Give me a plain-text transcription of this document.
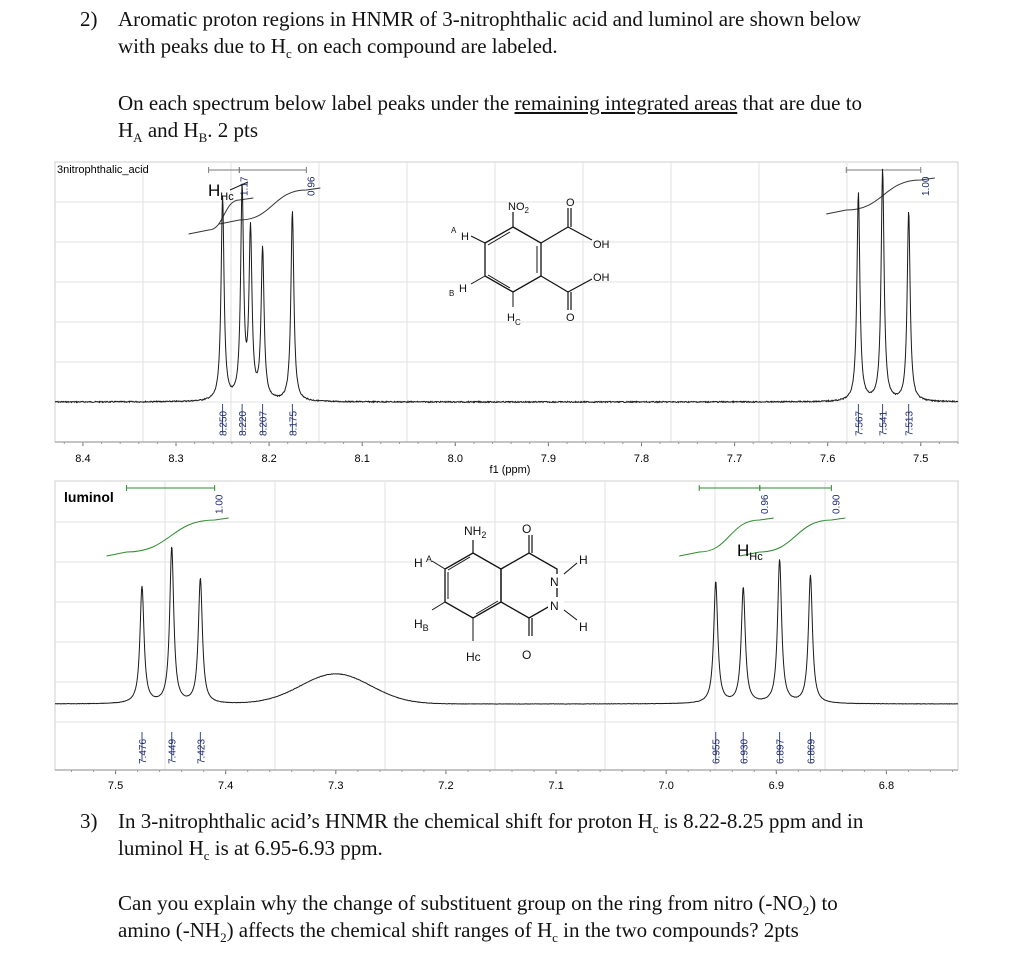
2) Aromatic proton regions in HNMR of 3-nitrophthalic acid and luminol are shown below
with peaks due to $H_c$ on each compound are labeled.
On each spectrum below label peaks under the remaining integrated areas that are due to
$H_A$ and $H_B$. 2 pts
3nitrophthalic_acid
1.17	0.96	1.00
8.250 8.220 8.207 8.175	7.567 7.541 7.513
8.4	8.3	8.2	8.1	8.0	7.9	7.8	7.7	7.6	7.5
f1 (ppm)
$H_{Hc}$
$NO_2$
O
OH
O
OH
A
H
B H
$H_C$
luminol	1.00	0.96	0.90
7.476 7.449 7.423	6.955 6.930	6.897 6.869
7.5	7.4	7.3	7.2	7.1	7.0	6.9	6.8
$H_{Hc}$
$NH_2$	O
O
N
N
H
H
H A
$H_B$
Hc
3) In 3-nitrophthalic acid’s HNMR the chemical shift for proton $H_c$ is 8.22-8.25 ppm and in
luminol $H_c$ is at 6.95-6.93 ppm.
Can you explain why the change of substituent group on the ring from nitro $(-NO_2)$ to
amino $(-NH_2)$ affects the chemical shift ranges of $H_c$ in the two compounds? 2pts
